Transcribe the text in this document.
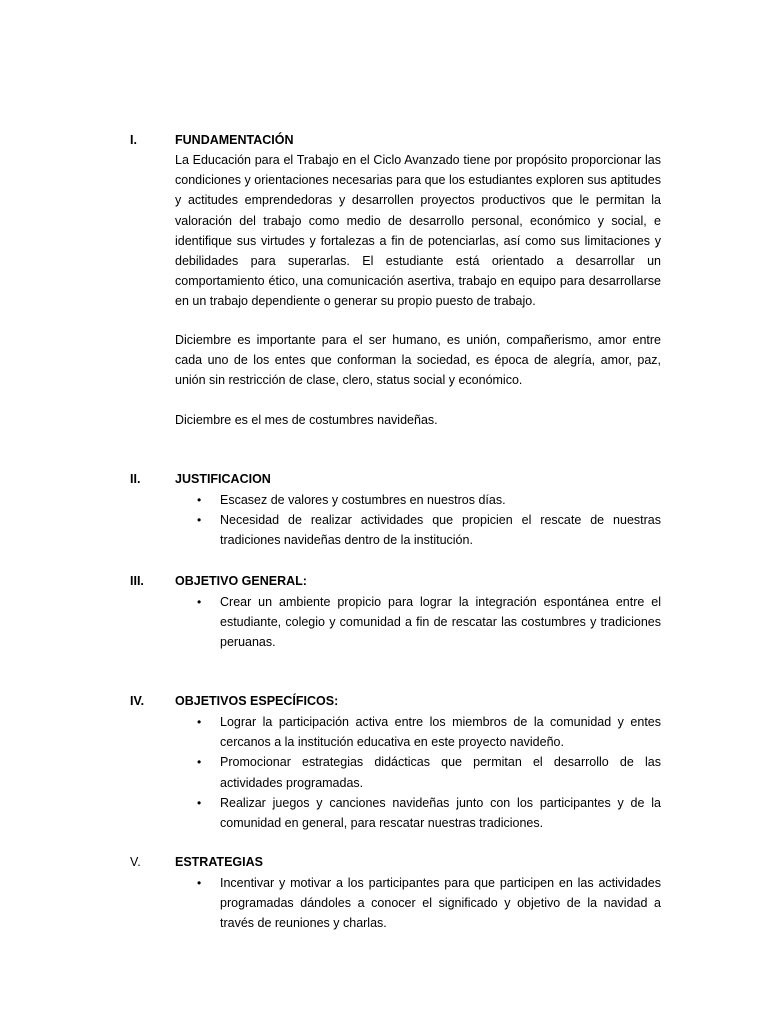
I.	FUNDAMENTACIÓN

La Educación para el Trabajo en el Ciclo Avanzado tiene por propósito proporcionar las condiciones y orientaciones necesarias para que los estudiantes exploren sus aptitudes y actitudes emprendedoras y desarrollen proyectos productivos que le permitan la valoración del trabajo como medio de desarrollo personal, económico y social, e identifique sus virtudes y fortalezas a fin de potenciarlas, así como sus limitaciones y debilidades para superarlas. El estudiante está orientado a desarrollar un comportamiento ético, una comunicación asertiva, trabajo en equipo para desarrollarse en un trabajo dependiente o generar su propio puesto de trabajo.

Diciembre es importante para el ser humano, es unión, compañerismo, amor entre cada uno de los entes que conforman la sociedad, es época de alegría, amor, paz, unión sin restricción de clase, clero, status social y económico.

Diciembre es el mes de costumbres navideñas.

II.	JUSTIFICACION
• Escasez de valores y costumbres en nuestros días.
• Necesidad de realizar actividades que propicien el rescate de nuestras tradiciones navideñas dentro de la institución.
III. OBJETIVO GENERAL:
• Crear un ambiente propicio para lograr la integración espontánea entre el estudiante, colegio y comunidad a fin de rescatar las costumbres y tradiciones peruanas.
IV. OBJETIVOS ESPECÍFICOS:
• Lograr la participación activa entre los miembros de la comunidad y entes cercanos a la institución educativa en este proyecto navideño.
• Promocionar estrategias didácticas que permitan el desarrollo de las actividades programadas.
• Realizar juegos y canciones navideñas junto con los participantes y de la comunidad en general, para rescatar nuestras tradiciones.
V.	ESTRATEGIAS
• Incentivar y motivar a los participantes para que participen en las actividades programadas dándoles a conocer el significado y objetivo de la navidad a través de reuniones y charlas.
